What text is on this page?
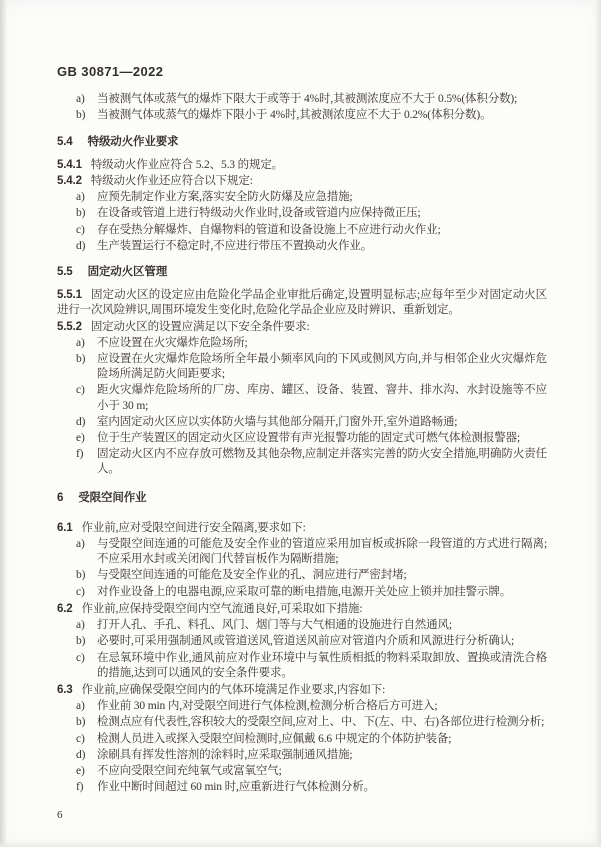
GB 30871—2022
a) 当被测气体或蒸气的爆炸下限大于或等于 4%时,其被测浓度应不大于 0.5%(体积分数);
b) 当被测气体或蒸气的爆炸下限小于 4%时,其被测浓度应不大于 0.2%(体积分数)。
5.4 特级动火作业要求
5.4.1 特级动火作业应符合 5.2、5.3 的规定。
5.4.2 特级动火作业还应符合以下规定:
a) 应预先制定作业方案,落实安全防火防爆及应急措施;
b) 在设备或管道上进行特级动火作业时,设备或管道内应保持微正压;
c) 存在受热分解爆炸、自爆物料的管道和设备设施上不应进行动火作业;
d) 生产装置运行不稳定时,不应进行带压不置换动火作业。
5.5 固定动火区管理
5.5.1 固定动火区的设定应由危险化学品企业审批后确定,设置明显标志;应每年至少对固定动火区进行一次风险辨识,周围环境发生变化时,危险化学品企业应及时辨识、重新划定。
5.5.2 固定动火区的设置应满足以下安全条件要求:
a) 不应设置在火灾爆炸危险场所;
b) 应设置在火灾爆炸危险场所全年最小频率风向的下风或侧风方向,并与相邻企业火灾爆炸危险场所满足防火间距要求;
c) 距火灾爆炸危险场所的厂房、库房、罐区、设备、装置、窨井、排水沟、水封设施等不应小于 30 m;
d) 室内固定动火区应以实体防火墙与其他部分隔开,门窗外开,室外道路畅通;
e) 位于生产装置区的固定动火区应设置带有声光报警功能的固定式可燃气体检测报警器;
f) 固定动火区内不应存放可燃物及其他杂物,应制定并落实完善的防火安全措施,明确防火责任人。
6 受限空间作业
6.1 作业前,应对受限空间进行安全隔离,要求如下:
a) 与受限空间连通的可能危及安全作业的管道应采用加盲板或拆除一段管道的方式进行隔离;不应采用水封或关闭阀门代替盲板作为隔断措施;
b) 与受限空间连通的可能危及安全作业的孔、洞应进行严密封堵;
c) 对作业设备上的电器电源,应采取可靠的断电措施,电源开关处应上锁并加挂警示牌。
6.2 作业前,应保持受限空间内空气流通良好,可采取如下措施:
a) 打开人孔、手孔、料孔、风门、烟门等与大气相通的设施进行自然通风;
b) 必要时,可采用强制通风或管道送风,管道送风前应对管道内介质和风源进行分析确认;
c) 在忌氧环境中作业,通风前应对作业环境中与氧性质相抵的物料采取卸放、置换或清洗合格的措施,达到可以通风的安全条件要求。
6.3 作业前,应确保受限空间内的气体环境满足作业要求,内容如下:
a) 作业前 30 min 内,对受限空间进行气体检测,检测分析合格后方可进入;
b) 检测点应有代表性,容积较大的受限空间,应对上、中、下(左、中、右)各部位进行检测分析;
c) 检测人员进入或探入受限空间检测时,应佩戴 6.6 中规定的个体防护装备;
d) 涂刷具有挥发性溶剂的涂料时,应采取强制通风措施;
e) 不应向受限空间充纯氧气或富氧空气;
f) 作业中断时间超过 60 min 时,应重新进行气体检测分析。
6
